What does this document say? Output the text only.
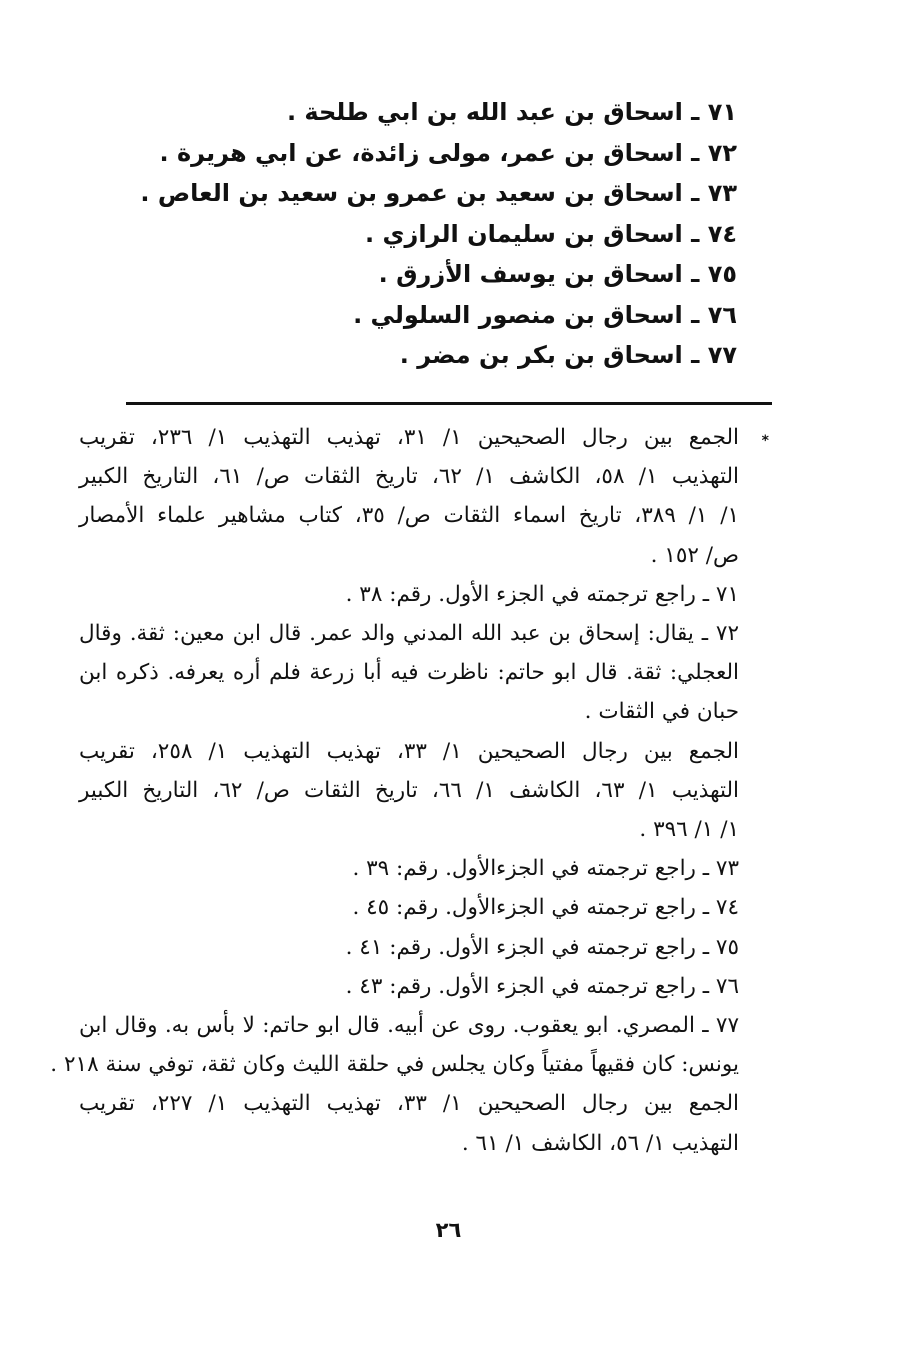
٧١ ـ اسحاق بن عبد الله بن ابي طلحة .
٧٢ ـ اسحاق بن عمر، مولى زائدة، عن ابي هريرة .
٧٣ ـ اسحاق بن سعيد بن عمرو بن سعيد بن العاص .
٧٤ ـ اسحاق بن سليمان الرازي .
٧٥ ـ اسحاق بن يوسف الأزرق .
٧٦ ـ اسحاق بن منصور السلولي .
٧٧ ـ اسحاق بن بكر بن مضر .
*
الجمع بين رجال الصحيحين ١/ ٣١، تهذيب التهذيب ١/ ٢٣٦، تقريب
التهذيب ١/ ٥٨، الكاشف ١/ ٦٢، تاريخ الثقات ص/ ٦١، التاريخ الكبير
١/ ١/ ٣٨٩، تاريخ اسماء الثقات ص/ ٣٥، كتاب مشاهير علماء الأمصار
ص/ ١٥٢ .
٧١ ـ راجع ترجمته في الجزء الأول. رقم: ٣٨ .
٧٢ ـ يقال: إسحاق بن عبد الله المدني والد عمر. قال ابن معين: ثقة. وقال
العجلي: ثقة. قال ابو حاتم: ناظرت فيه أبا زرعة فلم أره يعرفه. ذكره ابن
حبان في الثقات .
الجمع بين رجال الصحيحين ١/ ٣٣، تهذيب التهذيب ١/ ٢٥٨، تقريب
التهذيب ١/ ٦٣، الكاشف ١/ ٦٦، تاريخ الثقات ص/ ٦٢، التاريخ الكبير
١/ ١/ ٣٩٦ .
٧٣ ـ راجع ترجمته في الجزءالأول. رقم: ٣٩ .
٧٤ ـ راجع ترجمته في الجزءالأول. رقم: ٤٥ .
٧٥ ـ راجع ترجمته في الجزء الأول. رقم: ٤١ .
٧٦ ـ راجع ترجمته في الجزء الأول. رقم: ٤٣ .
٧٧ ـ المصري. ابو يعقوب. روى عن أبيه. قال ابو حاتم: لا بأس به. وقال ابن
يونس: كان فقيهاً مفتياً وكان يجلس في حلقة الليث وكان ثقة، توفي سنة ٢١٨ .
الجمع بين رجال الصحيحين ١/ ٣٣، تهذيب التهذيب ١/ ٢٢٧، تقريب
التهذيب ١/ ٥٦، الكاشف ١/ ٦١ .
٢٦
